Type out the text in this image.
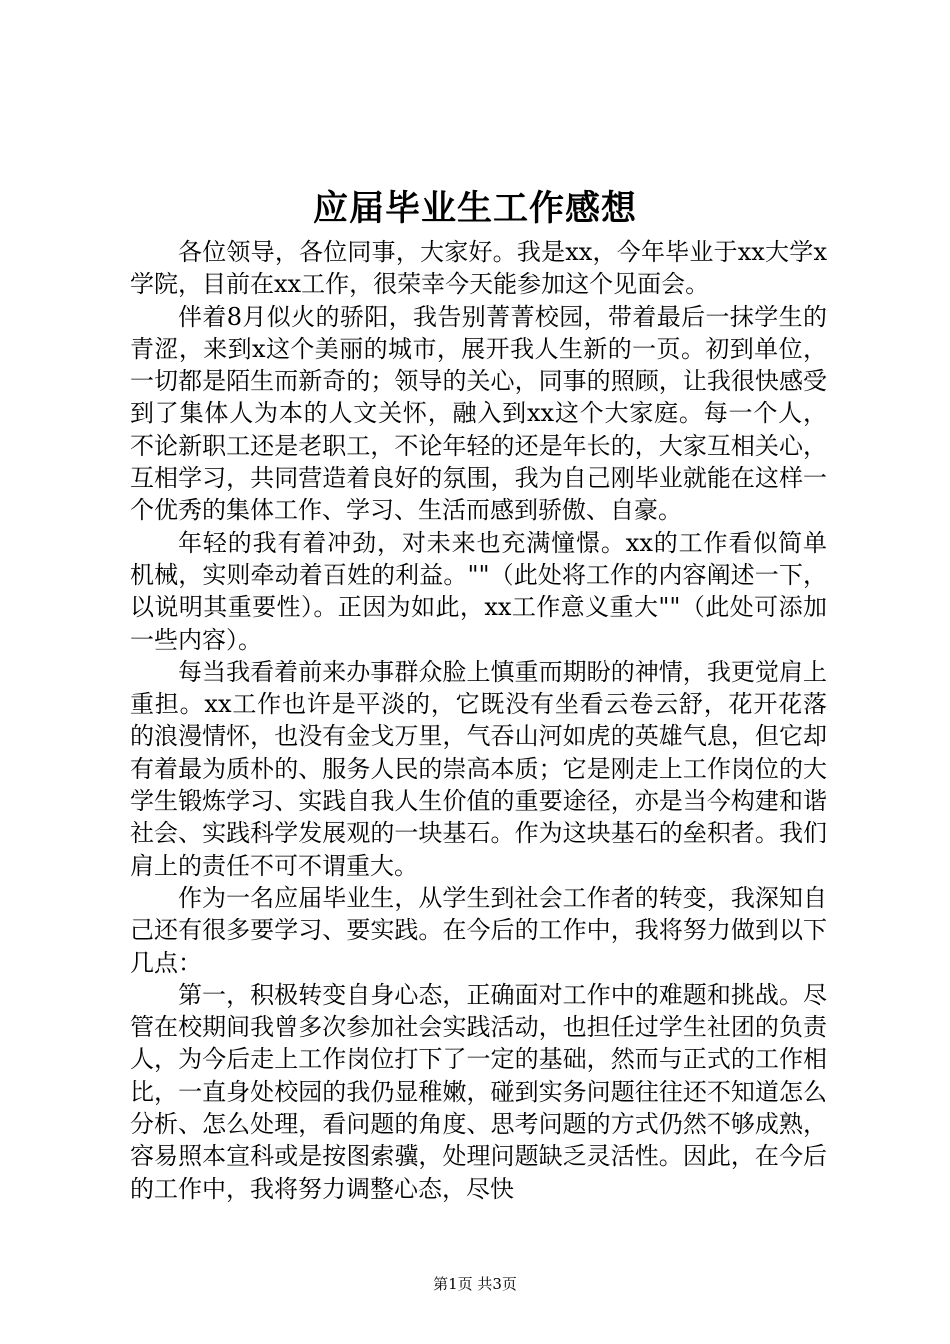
应届毕业生工作感想

各位领导，各位同事，大家好。我是xx，今年毕业于xx大学x学院，目前在xx工作，很荣幸今天能参加这个见面会。

伴着8月似火的骄阳，我告别菁菁校园，带着最后一抹学生的青涩，来到x这个美丽的城市，展开我人生新的一页。初到单位，一切都是陌生而新奇的；领导的关心，同事的照顾，让我很快感受到了集体人为本的人文关怀，融入到xx这个大家庭。每一个人，不论新职工还是老职工，不论年轻的还是年长的，大家互相关心，互相学习，共同营造着良好的氛围，我为自己刚毕业就能在这样一个优秀的集体工作、学习、生活而感到骄傲、自豪。

年轻的我有着冲劲，对未来也充满憧憬。xx的工作看似简单机械，实则牵动着百姓的利益。""（此处将工作的内容阐述一下，以说明其重要性）。正因为如此，xx工作意义重大""（此处可添加一些内容）。

每当我看着前来办事群众脸上慎重而期盼的神情，我更觉肩上重担。xx工作也许是平淡的，它既没有坐看云卷云舒，花开花落的浪漫情怀，也没有金戈万里，气吞山河如虎的英雄气息，但它却有着最为质朴的、服务人民的崇高本质；它是刚走上工作岗位的大学生锻炼学习、实践自我人生价值的重要途径，亦是当今构建和谐社会、实践科学发展观的一块基石。作为这块基石的垒积者。我们肩上的责任不可不谓重大。

作为一名应届毕业生，从学生到社会工作者的转变，我深知自己还有很多要学习、要实践。在今后的工作中，我将努力做到以下几点：

第一，积极转变自身心态，正确面对工作中的难题和挑战。尽管在校期间我曾多次参加社会实践活动，也担任过学生社团的负责人，为今后走上工作岗位打下了一定的基础，然而与正式的工作相比，一直身处校园的我仍显稚嫩，碰到实务问题往往还不知道怎么分析、怎么处理，看问题的角度、思考问题的方式仍然不够成熟，容易照本宣科或是按图索骥，处理问题缺乏灵活性。因此，在今后的工作中，我将努力调整心态，尽快

第1页 共3页
